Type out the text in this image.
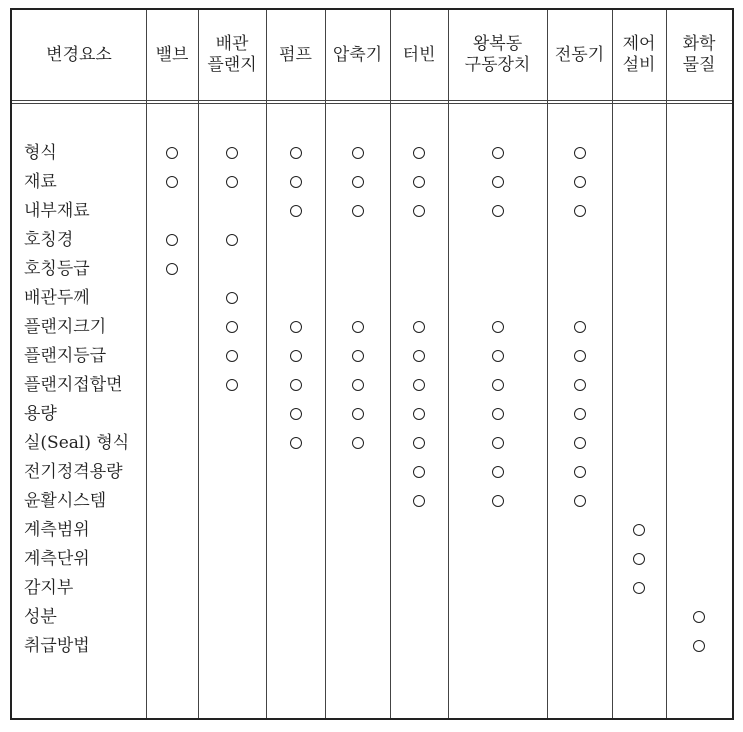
변경요소	밸브
배관
플랜지
펌프 압축기 터빈
왕복동
구동장치
전동기
제어
설비
화학
물질
형식
재료
내부재료
호칭경
호칭등급
배관두께
플랜지크기
플랜지등급
플랜지접합면
용량
실(Seal) 형식
전기정격용량
윤활시스템
계측범위
계측단위
감지부
성분
취급방법
